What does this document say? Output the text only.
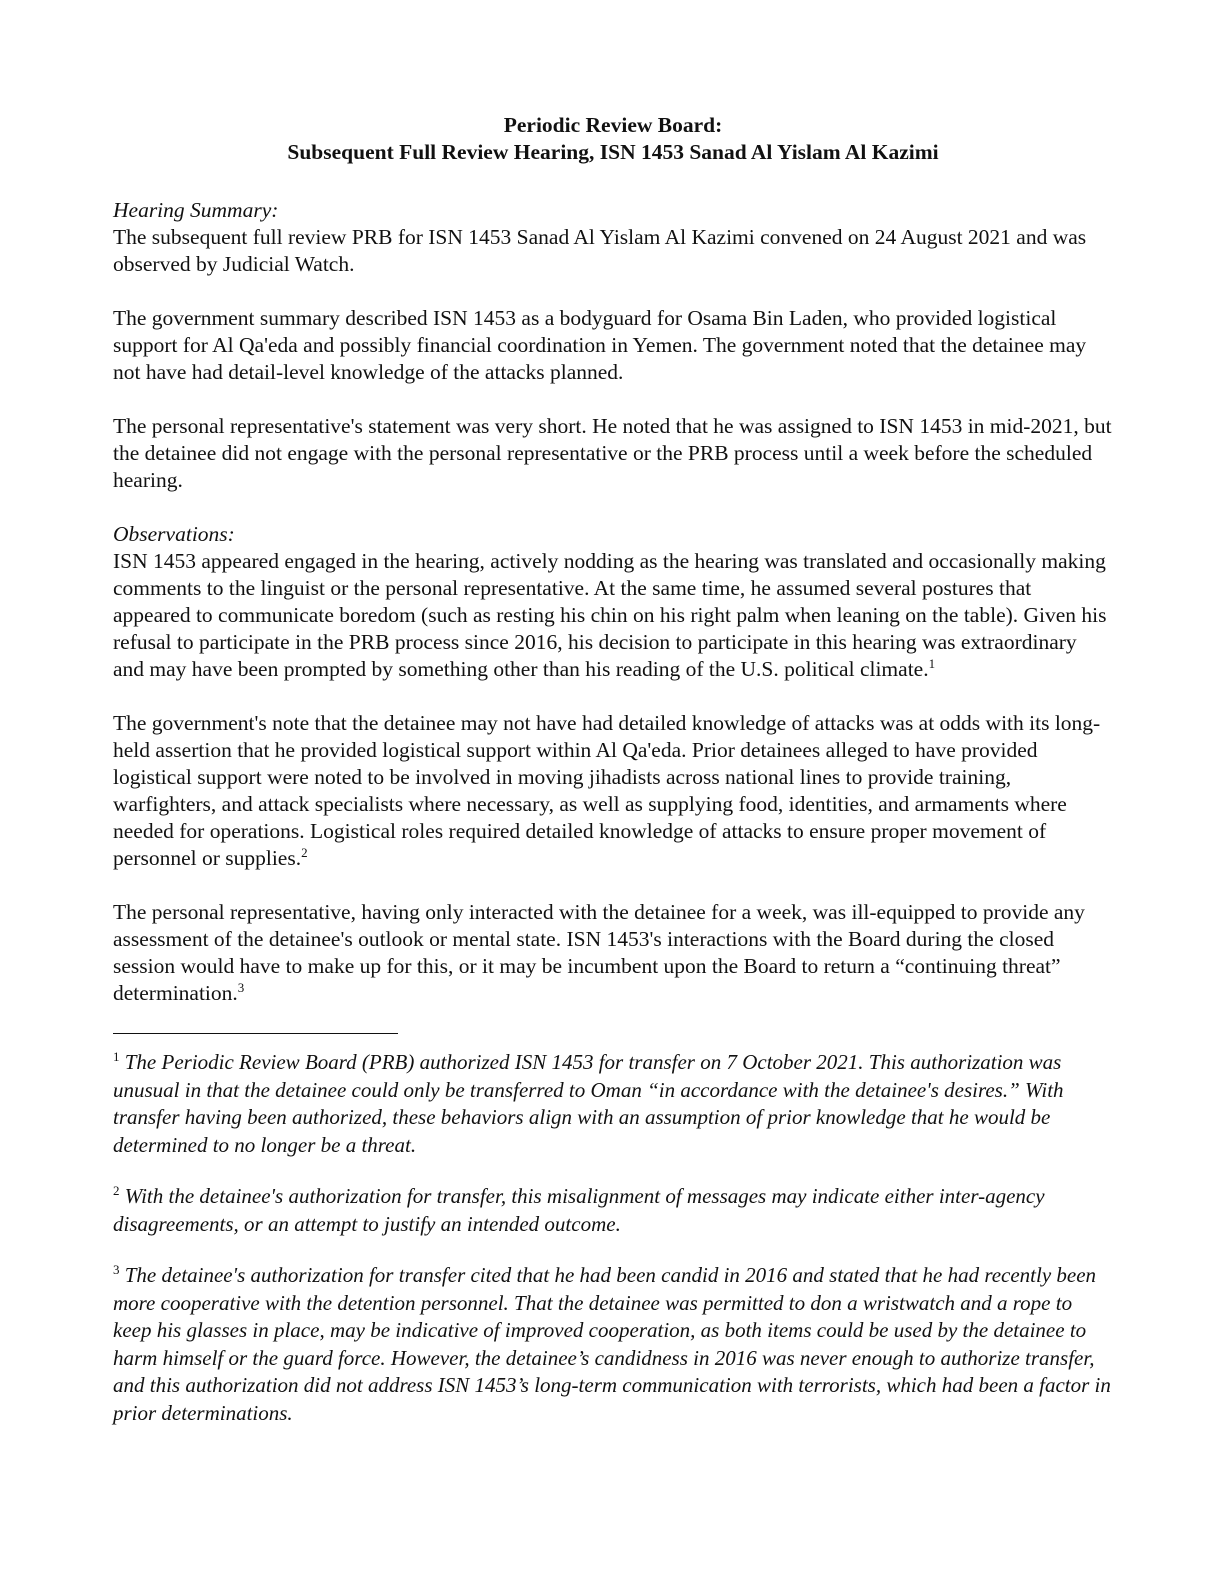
Periodic Review Board:
Subsequent Full Review Hearing, ISN 1453 Sanad Al Yislam Al Kazimi
Hearing Summary:

The subsequent full review PRB for ISN 1453 Sanad Al Yislam Al Kazimi convened on 24 August 2021 and was observed by Judicial Watch.

The government summary described ISN 1453 as a bodyguard for Osama Bin Laden, who provided logistical support for Al Qa'eda and possibly financial coordination in Yemen. The government noted that the detainee may not have had detail-level knowledge of the attacks planned.

The personal representative's statement was very short. He noted that he was assigned to ISN 1453 in mid-2021, but the detainee did not engage with the personal representative or the PRB process until a week before the scheduled hearing.

Observations:

ISN 1453 appeared engaged in the hearing, actively nodding as the hearing was translated and occasionally making comments to the linguist or the personal representative. At the same time, he assumed several postures that appeared to communicate boredom (such as resting his chin on his right palm when leaning on the table). Given his refusal to participate in the PRB process since 2016, his decision to participate in this hearing was extraordinary and may have been prompted by something other than his reading of the U.S. political climate.$^1$

The government's note that the detainee may not have had detailed knowledge of attacks was at odds with its long-held assertion that he provided logistical support within Al Qa'eda. Prior detainees alleged to have provided logistical support were noted to be involved in moving jihadists across national lines to provide training, warfighters, and attack specialists where necessary, as well as supplying food, identities, and armaments where needed for operations. Logistical roles required detailed knowledge of attacks to ensure proper movement of personnel or supplies.$^2$

The personal representative, having only interacted with the detainee for a week, was ill-equipped to provide any assessment of the detainee's outlook or mental state. ISN 1453's interactions with the Board during the closed session would have to make up for this, or it may be incumbent upon the Board to return a “continuing threat” determination.$^3$

$^1$ The Periodic Review Board (PRB) authorized ISN 1453 for transfer on 7 October 2021. This authorization was unusual in that the detainee could only be transferred to Oman “in accordance with the detainee's desires.” With transfer having been authorized, these behaviors align with an assumption of prior knowledge that he would be determined to no longer be a threat.

$^2$ With the detainee's authorization for transfer, this misalignment of messages may indicate either inter-agency disagreements, or an attempt to justify an intended outcome.

$^3$ The detainee's authorization for transfer cited that he had been candid in 2016 and stated that he had recently been more cooperative with the detention personnel. That the detainee was permitted to don a wristwatch and a rope to keep his glasses in place, may be indicative of improved cooperation, as both items could be used by the detainee to harm himself or the guard force. However, the detainee’s candidness in 2016 was never enough to authorize transfer, and this authorization did not address ISN 1453’s long-term communication with terrorists, which had been a factor in prior determinations.
